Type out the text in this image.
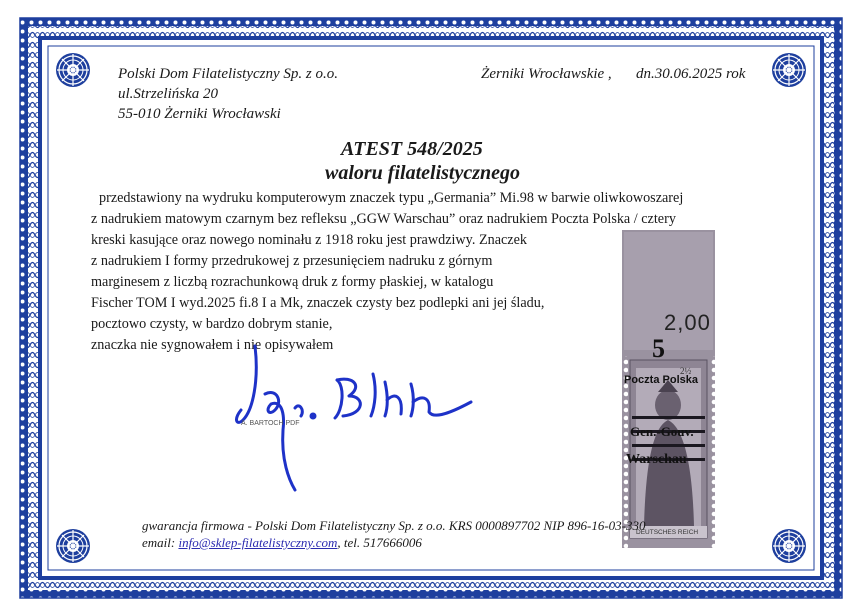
Polski Dom Filatelistyczny Sp. z o.o.
ul.Strzelińska 20
55-010 Żerniki Wrocławski
Żerniki Wrocławskie , dn.30.06.2025 rok
ATEST 548/2025
waloru filatelistycznego
przedstawiony na wydruku komputerowym znaczek typu „Germania” Mi.98 w barwie oliwkowoszarej
z nadrukiem matowym czarnym bez refleksu „GGW Warschau” oraz nadrukiem Poczta Polska / cztery
kreski kasujące oraz nowego nominału z 1918 roku jest prawdziwy. Znaczek
z nadrukiem I formy przedrukowej z przesunięciem nadruku z górnym
marginesem z liczbą rozrachunkową druk z formy płaskiej, w katalogu
Fischer TOM I wyd.2025 fi.8 I a Mk, znaczek czysty bez podlepki ani jej śladu,
pocztowo czysty, w bardzo dobrym stanie,
znaczka nie sygnowałem i nie opisywałem
A. BARTOCH PDF
2,00
5
Poczta Polska
2½
Gen.-Gouv.
Warschau
DEUTSCHES REICH
gwarancja firmowa - Polski Dom Filatelistyczny Sp. z o.o. KRS 0000897702 NIP 896-16-03-330
email: info@sklep-filatelistyczny.com, tel. 517666006
